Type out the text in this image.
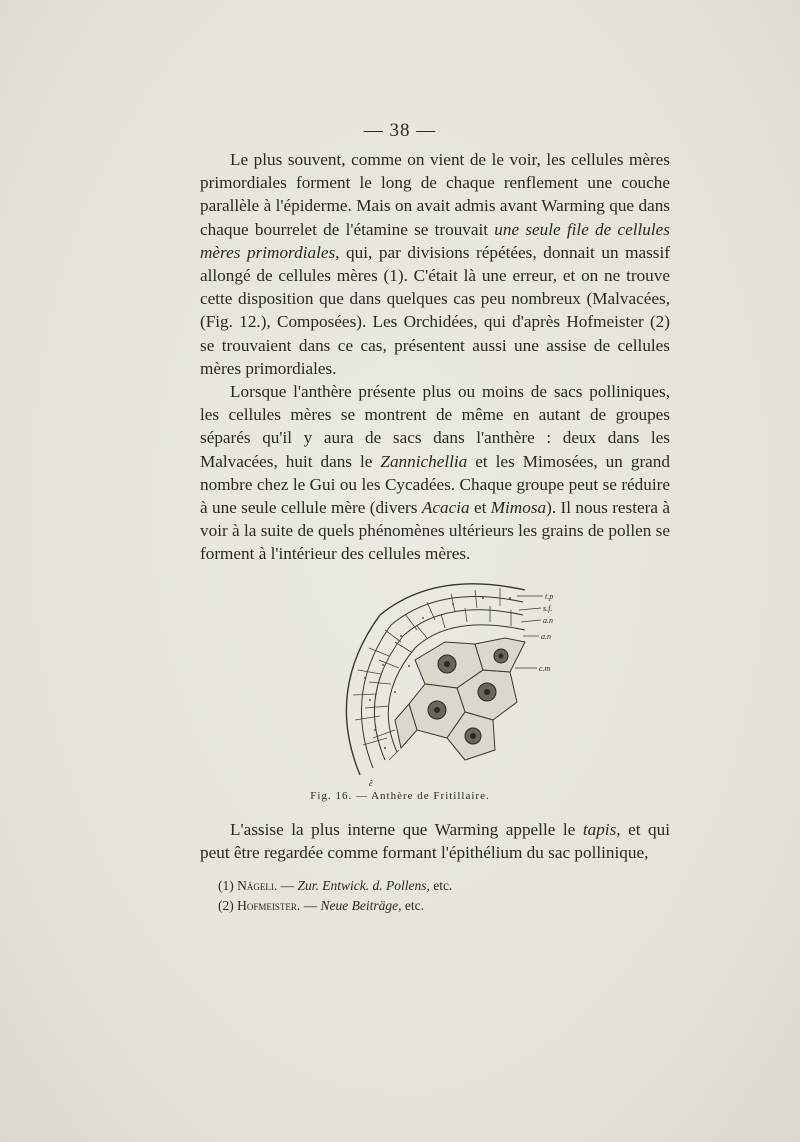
— 38 —

Le plus souvent, comme on vient de le voir, les cellules mères primordiales forment le long de chaque renflement une couche parallèle à l'épiderme. Mais on avait admis avant Warming que dans chaque bourrelet de l'étamine se trouvait une seule file de cellules mères primordiales, qui, par divisions répétées, donnait un massif allongé de cellules mères (1). C'était là une erreur, et on ne trouve cette disposition que dans quelques cas peu nombreux (Malvacées, (Fig. 12.), Composées). Les Orchidées, qui d'après Hofmeister (2) se trouvaient dans ce cas, présentent aussi une assise de cellules mères primordiales.

Lorsque l'anthère présente plus ou moins de sacs polliniques, les cellules mères se montrent de même en autant de groupes séparés qu'il y aura de sacs dans l'anthère : deux dans les Malvacées, huit dans le Zannichellia et les Mimosées, un grand nombre chez le Gui ou les Cycadées. Chaque groupe peut se réduire à une seule cellule mère (divers Acacia et Mimosa). Il nous restera à voir à la suite de quels phénomènes ultérieurs les grains de pollen se forment à l'intérieur des cellules mères.

t.p
s.f.
a.n
a.n
c.m
ê
Fig. 16. — Anthère de Fritillaire.

L'assise la plus interne que Warming appelle le tapis, et qui peut être regardée comme formant l'épithélium du sac pollinique,

(1) Nägeli. — Zur. Entwick. d. Pollens, etc.
(2) Hofmeister. — Neue Beiträge, etc.
